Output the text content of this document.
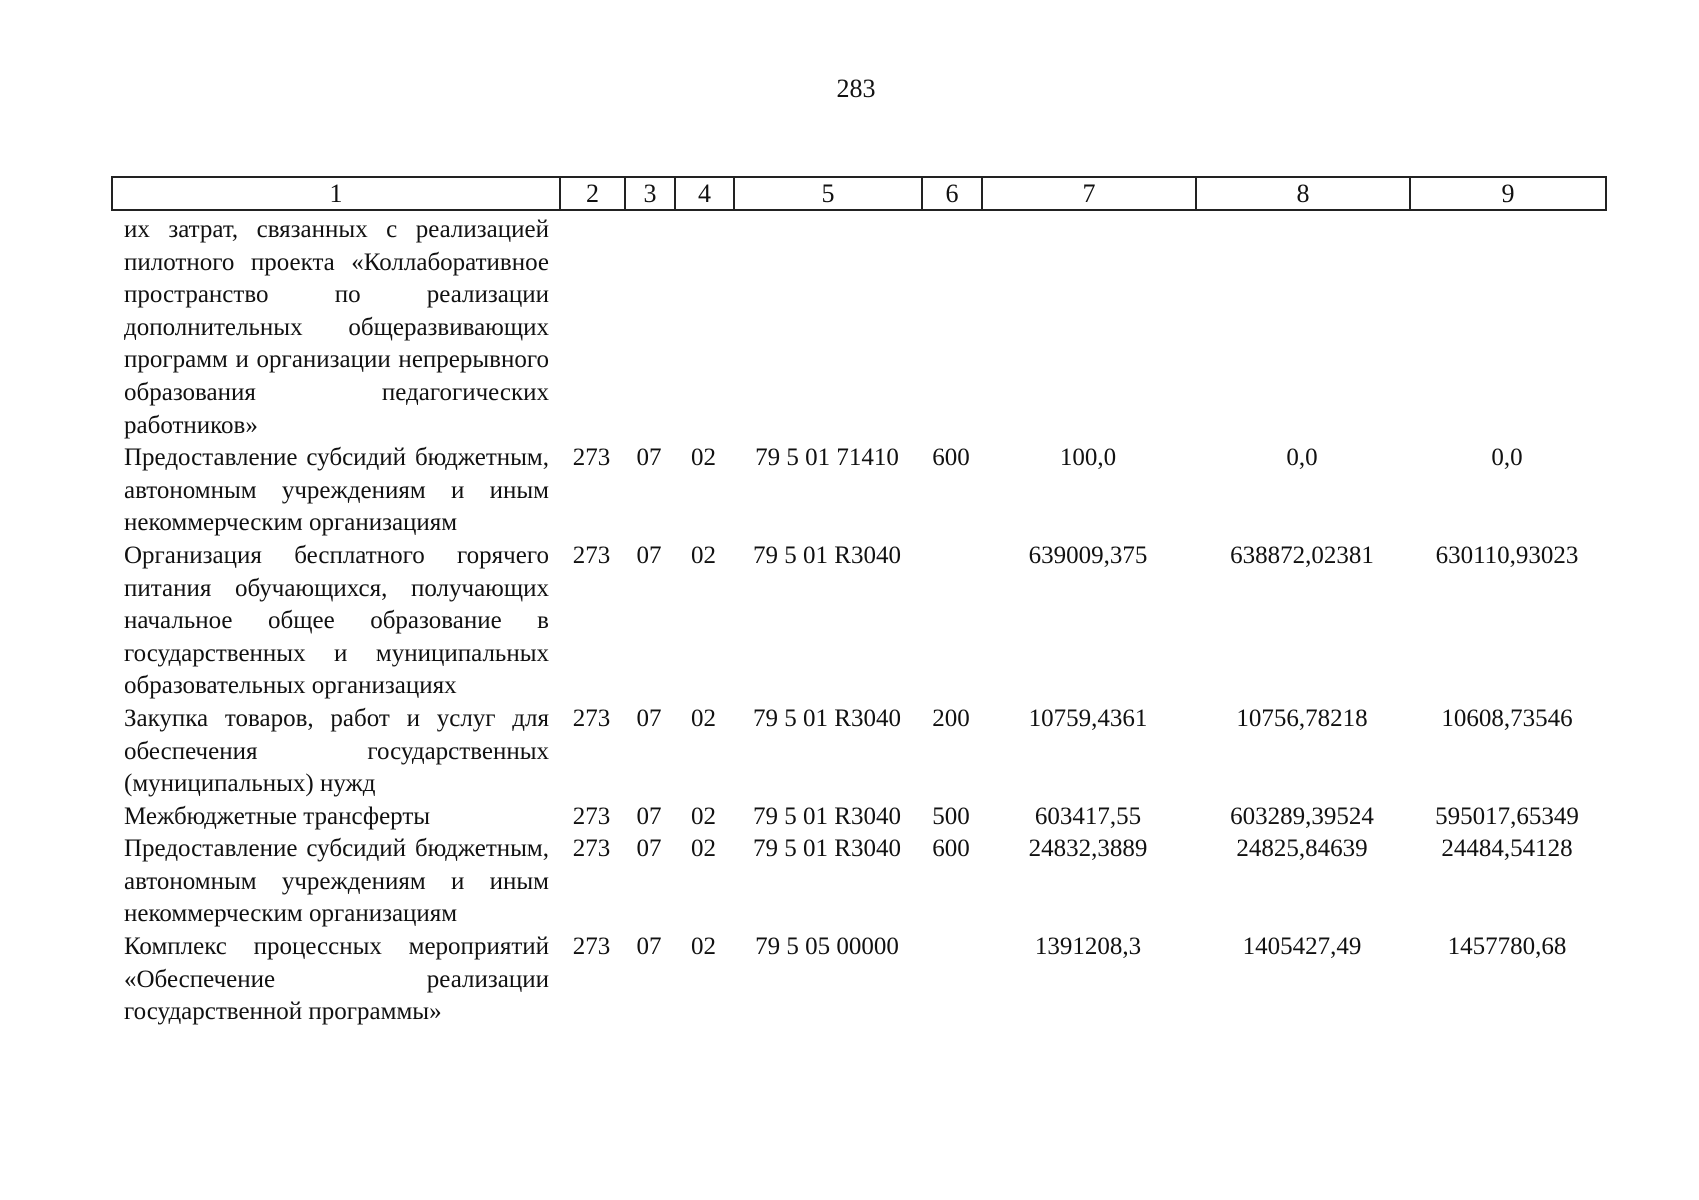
283
1	2	3	4	5	6	7	8	9
их затрат, связанных с реализацией пилотного проекта «Коллаборативное пространство по реализации дополнительных общеразвивающих программ и организации непрерывного образования педагогических работников»								
Предоставление субсидий бюджетным, автономным учреждениям и иным некоммерческим организациям	273	07	02	79 5 01 71410	600	100,0	0,0	0,0
Организация бесплатного горячего питания обучающихся, получающих начальное общее образование в государственных и муниципальных образовательных организациях	273	07	02	79 5 01 R3040		639009,375	638872,02381	630110,93023
Закупка товаров, работ и услуг для обеспечения государственных (муниципальных) нужд	273	07	02	79 5 01 R3040	200	10759,4361	10756,78218	10608,73546
Межбюджетные трансферты	273	07	02	79 5 01 R3040	500	603417,55	603289,39524	595017,65349
Предоставление субсидий бюджетным, автономным учреждениям и иным некоммерческим организациям	273	07	02	79 5 01 R3040	600	24832,3889	24825,84639	24484,54128
Комплекс процессных мероприятий «Обеспечение реализации государственной программы»	273	07	02	79 5 05 00000		1391208,3	1405427,49	1457780,68
